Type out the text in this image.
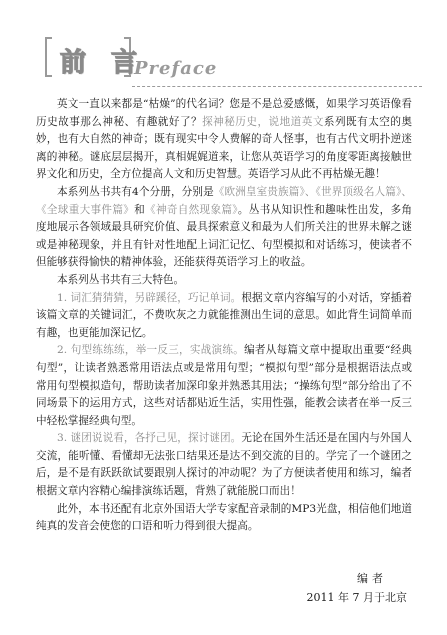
前 言
Preface

英文一直以来都是“枯燥”的代名词？您是不是总爱感慨，如果学习英语像看历史故事那么神秘、有趣就好了？探神秘历史，说地道英文系列既有太空的奥妙，也有大自然的神奇；既有现实中令人费解的奇人怪事，也有古代文明扑逆迷离的神秘。谜底层层揭开，真相娓娓道来，让您从英语学习的角度零距离接触世界文化和历史，全方位提高人文和历史智慧。英语学习从此不再枯燥无趣！

本系列丛书共有4个分册，分别是《欧洲皇室贵族篇》、《世界顶级名人篇》、《全球重大事件篇》和《神奇自然现象篇》。丛书从知识性和趣味性出发，多角度地展示各领域最具研究价值、最具探索意义和最为人们所关注的世界未解之谜或是神秘现象，并且有针对性地配上词汇记忆、句型模拟和对话练习，使读者不但能够获得愉快的精神体验，还能获得英语学习上的收益。

本系列丛书共有三大特色。

1. 词汇猜猜猜，另辟蹊径，巧记单词。根据文章内容编写的小对话，穿插着该篇文章的关键词汇，不费吹灰之力就能推测出生词的意思。如此背生词简单而有趣，也更能加深记忆。

2. 句型练练练，举一反三，实战演练。编者从每篇文章中提取出重要“经典句型”，让读者熟悉常用语法点或是常用句型；“模拟句型”部分是根据语法点或常用句型模拟造句，帮助读者加深印象并熟悉其用法；“操练句型”部分给出了不同场景下的运用方式，这些对话都贴近生活，实用性强，能教会读者在举一反三中轻松掌握经典句型。

3. 谜团说说看，各抒己见，探讨谜团。无论在国外生活还是在国内与外国人交流，能听懂、看懂却无法张口结果还是达不到交流的目的。学完了一个谜团之后，是不是有跃跃欲试要跟别人探讨的冲动呢？为了方便读者使用和练习，编者根据文章内容精心编排演练话题，背熟了就能脱口而出！

此外，本书还配有北京外国语大学专家配音录制的MP3光盘，相信他们地道纯真的发音会使您的口语和听力得到很大提高。

编者
2011 年 7 月于北京
